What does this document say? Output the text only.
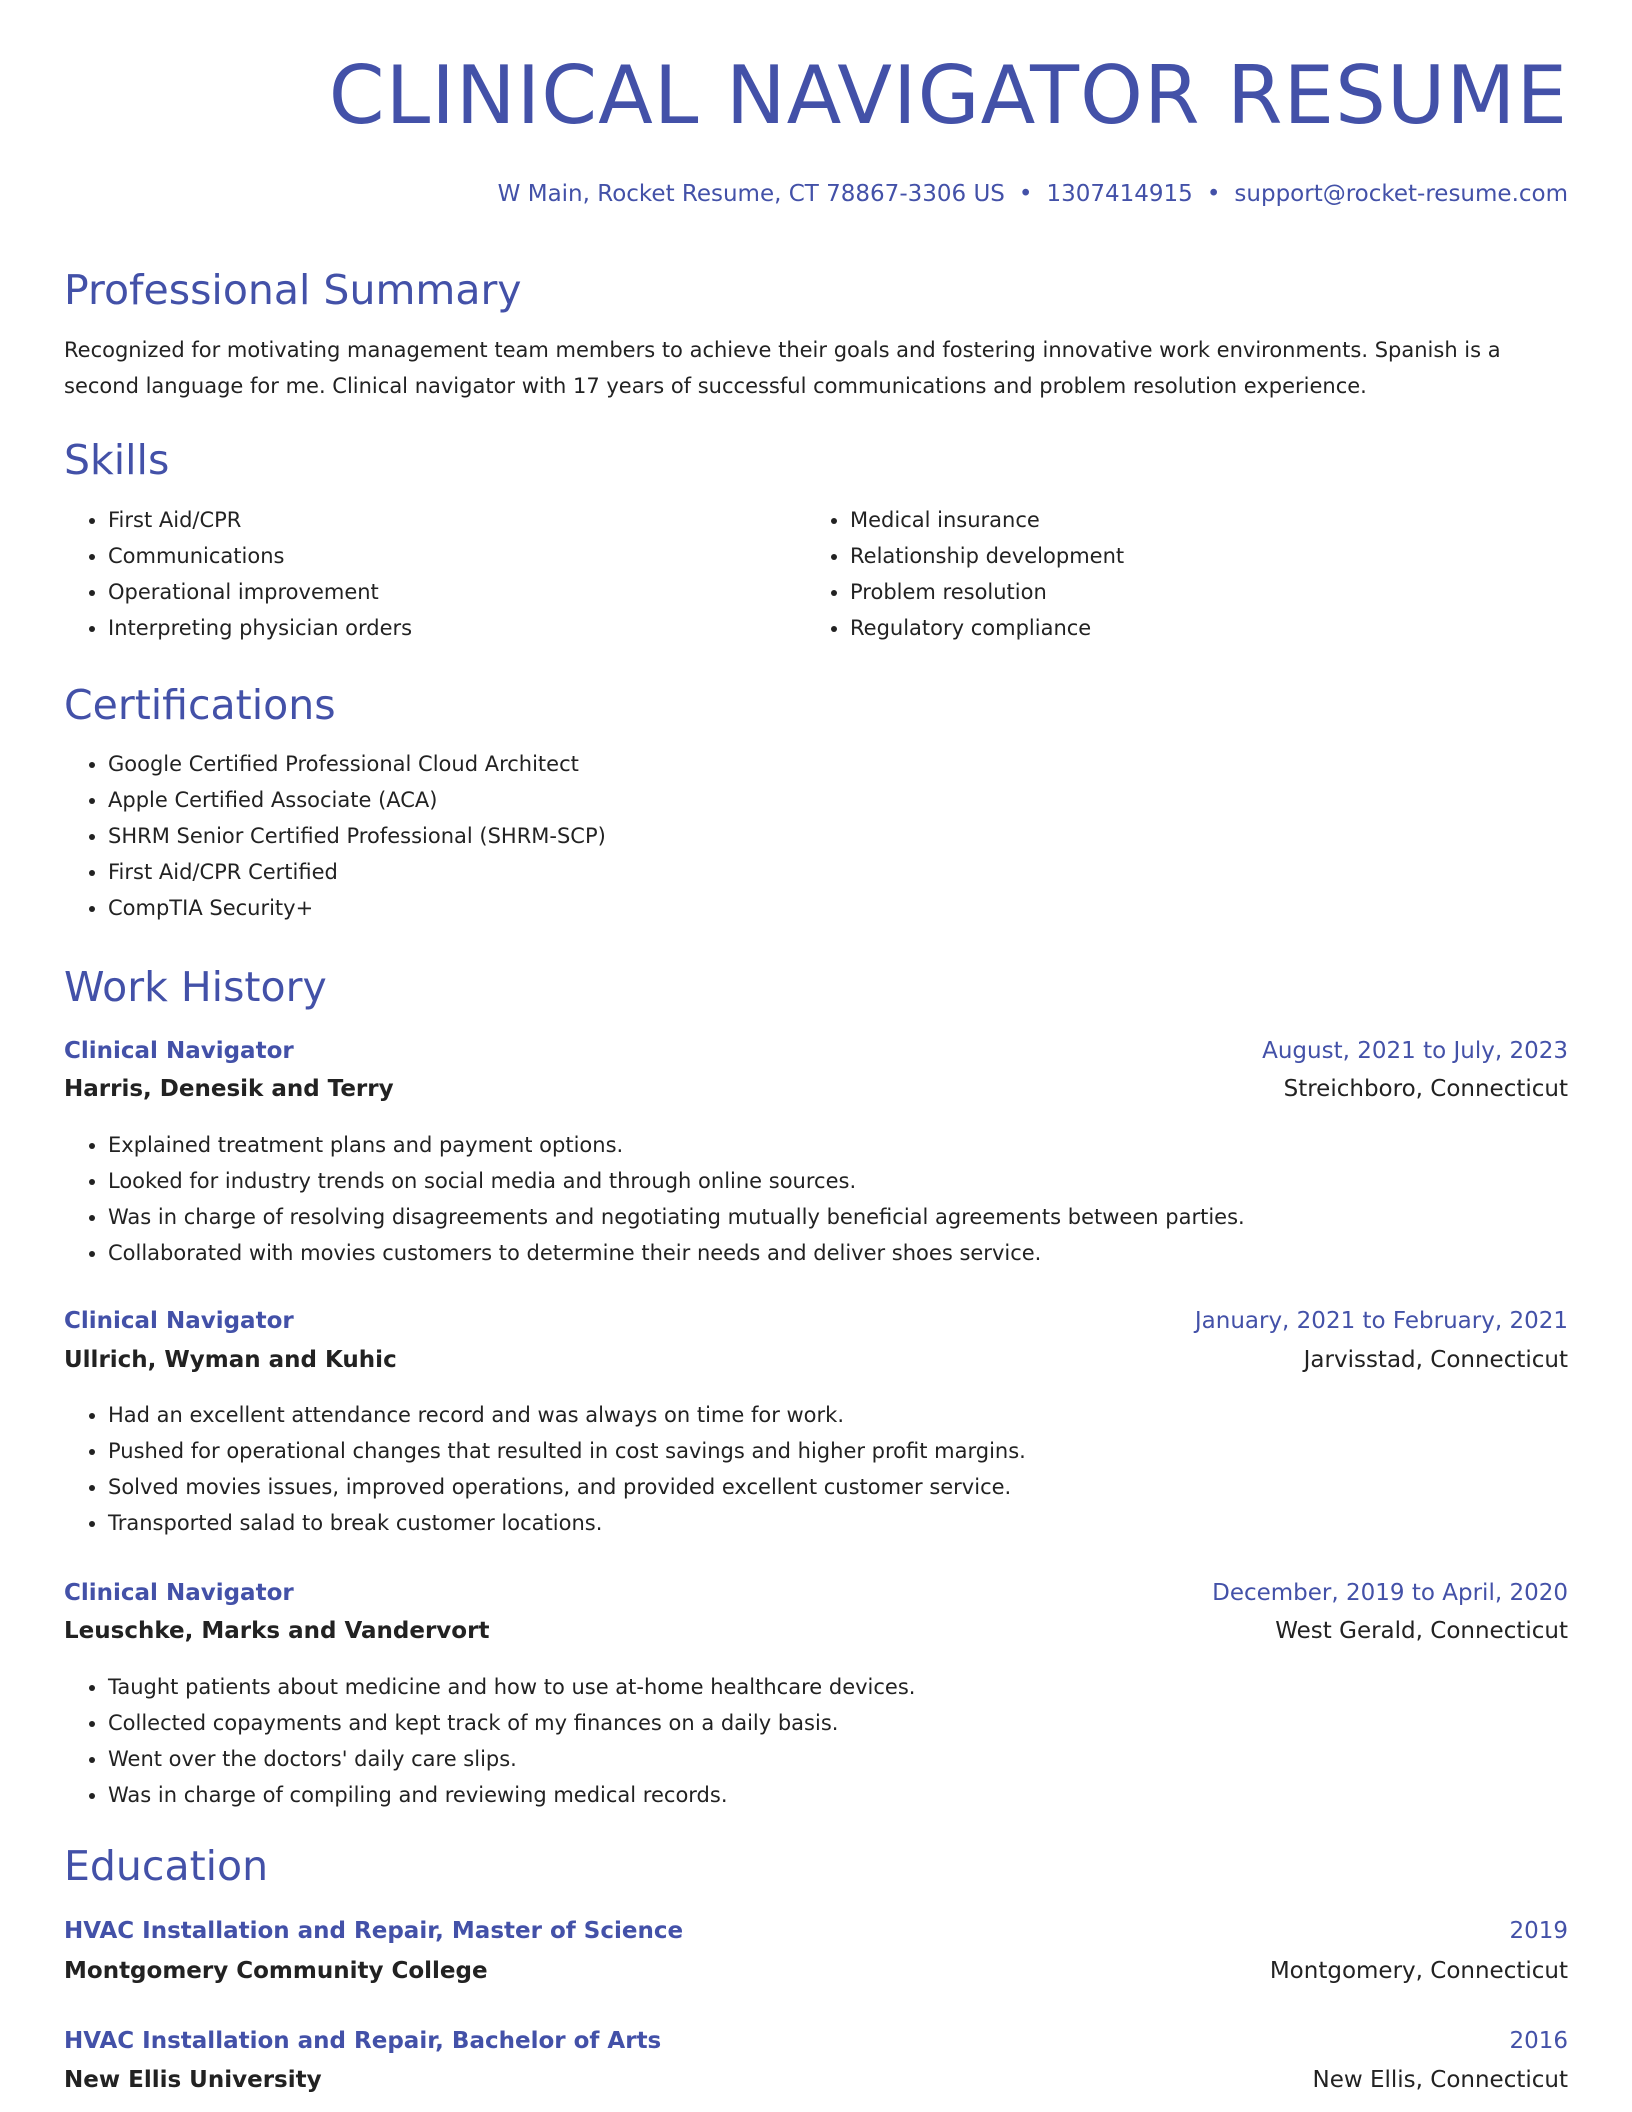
CLINICAL NAVIGATOR RESUME
W Main, Rocket Resume, CT 78867-3306 US • 1307414915 • support@rocket-resume.com
Professional Summary

Recognized for motivating management team members to achieve their goals and fostering innovative work environments. Spanish is a second language for me. Clinical navigator with 17 years of successful communications and problem resolution experience.

Skills
• First Aid/CPR
• Communications
• Operational improvement
• Interpreting physician orders
• Medical insurance
• Relationship development
• Problem resolution
• Regulatory compliance
Certifications
• Google Certified Professional Cloud Architect
• Apple Certified Associate (ACA)
• SHRM Senior Certified Professional (SHRM-SCP)
• First Aid/CPR Certified
• CompTIA Security+
Work History
Clinical Navigator	August, 2021 to July, 2023
Harris, Denesik and Terry	Streichboro, Connecticut
• Explained treatment plans and payment options.
• Looked for industry trends on social media and through online sources.
• Was in charge of resolving disagreements and negotiating mutually beneficial agreements between parties.
• Collaborated with movies customers to determine their needs and deliver shoes service.
Clinical Navigator	January, 2021 to February, 2021
Ullrich, Wyman and Kuhic	Jarvisstad, Connecticut
• Had an excellent attendance record and was always on time for work.
• Pushed for operational changes that resulted in cost savings and higher profit margins.
• Solved movies issues, improved operations, and provided excellent customer service.
• Transported salad to break customer locations.
Clinical Navigator	December, 2019 to April, 2020
Leuschke, Marks and Vandervort	West Gerald, Connecticut
• Taught patients about medicine and how to use at-home healthcare devices.
• Collected copayments and kept track of my finances on a daily basis.
• Went over the doctors' daily care slips.
• Was in charge of compiling and reviewing medical records.
Education
HVAC Installation and Repair, Master of Science	2019
Montgomery Community College	Montgomery, Connecticut
HVAC Installation and Repair, Bachelor of Arts	2016
New Ellis University	New Ellis, Connecticut
